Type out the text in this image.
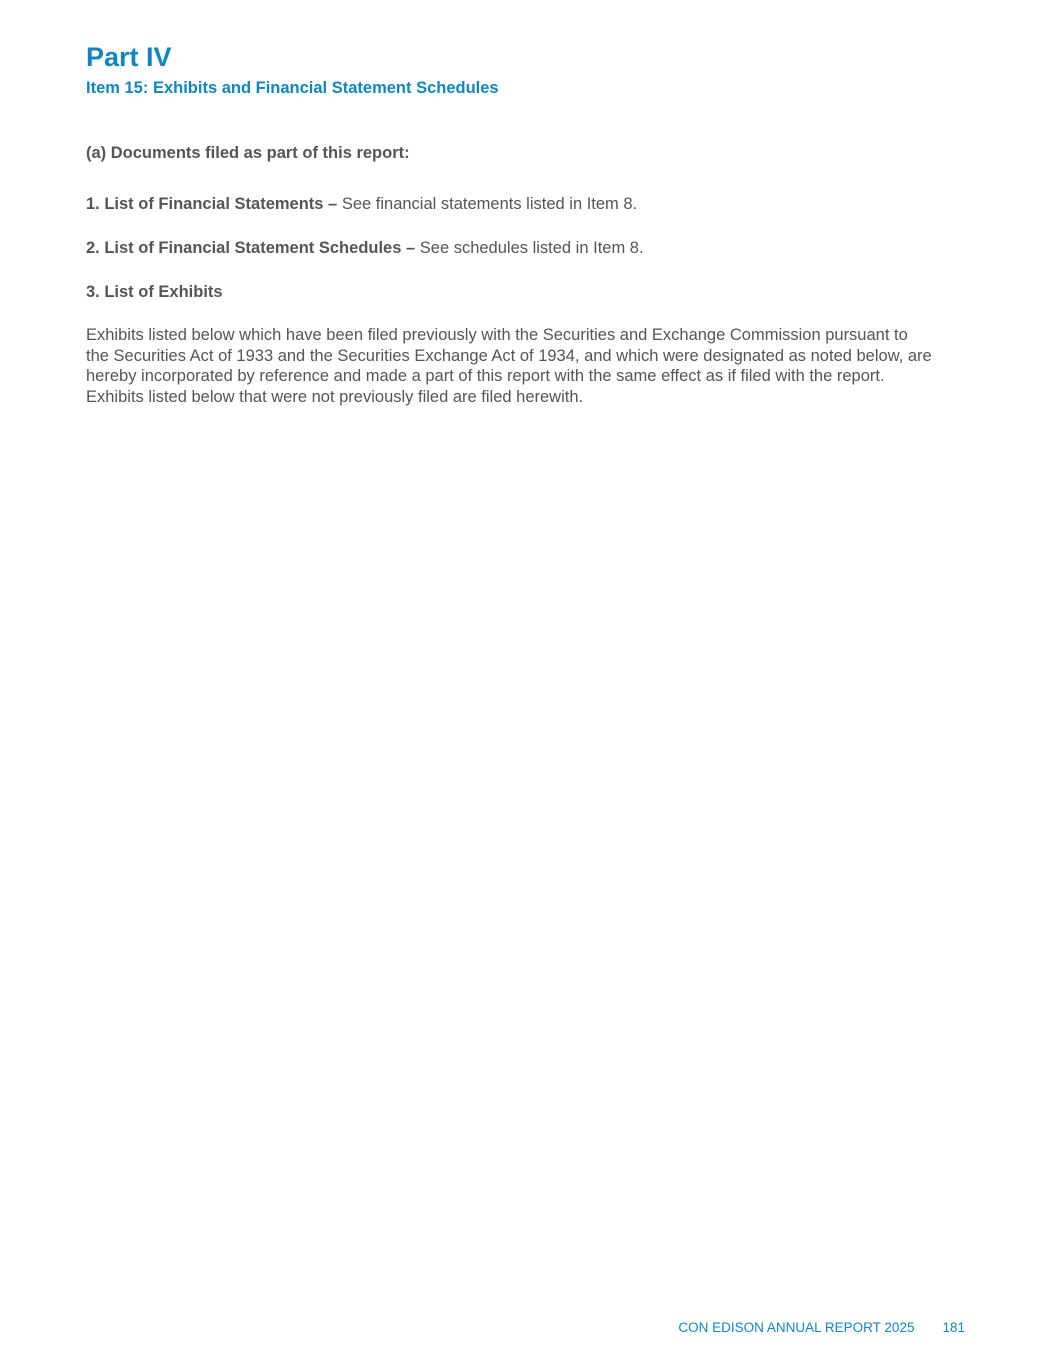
Part IV
Item 15: Exhibits and Financial Statement Schedules
(a) Documents filed as part of this report:

1. List of Financial Statements – See financial statements listed in Item 8.

2. List of Financial Statement Schedules – See schedules listed in Item 8.

3. List of Exhibits

Exhibits listed below which have been filed previously with the Securities and Exchange Commission pursuant to
the Securities Act of 1933 and the Securities Exchange Act of 1934, and which were designated as noted below, are
hereby incorporated by reference and made a part of this report with the same effect as if filed with the report.
Exhibits listed below that were not previously filed are filed herewith.

CON EDISON ANNUAL REPORT 2025 181
